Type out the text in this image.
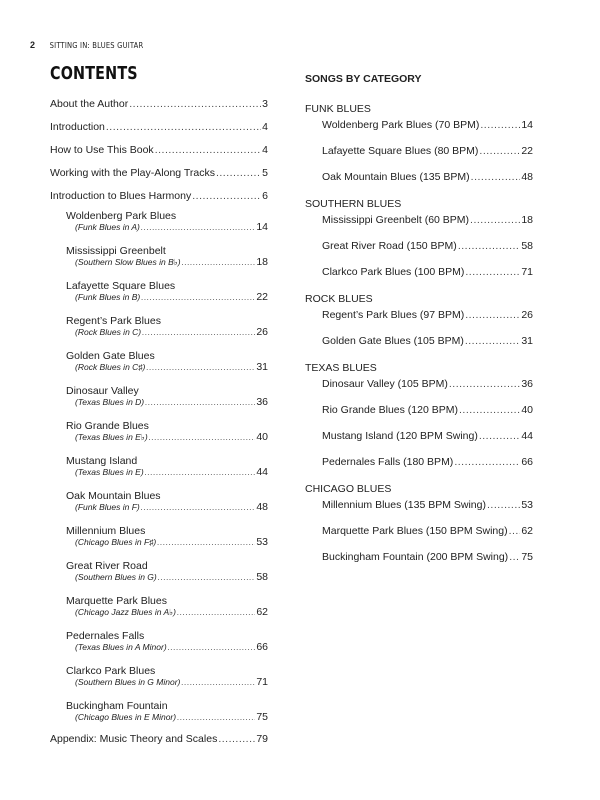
2 SITTING IN: BLUES GUITAR
CONTENTS
About the Author .....	3
Introduction .....	4
How to Use This Book .....	4
Working with the Play-Along Tracks .....	5
Introduction to Blues Harmony .....	6
Woldenberg Park Blues
(Funk Blues in A) .....	14
Mississippi Greenbelt
(Southern Slow Blues in B♭) .....	18
Lafayette Square Blues
(Funk Blues in B) .....	22
Regent’s Park Blues
(Rock Blues in C) .....	26
Golden Gate Blues
(Rock Blues in C♯) .....	31
Dinosaur Valley
(Texas Blues in D) .....	36
Rio Grande Blues
(Texas Blues in E♭) .....	40
Mustang Island
(Texas Blues in E) .....	44
Oak Mountain Blues
(Funk Blues in F) .....	48
Millennium Blues
(Chicago Blues in F♯) .....	53
Great River Road
(Southern Blues in G) .....	58
Marquette Park Blues
(Chicago Jazz Blues in A♭) .....	62
Pedernales Falls
(Texas Blues in A Minor) .....	66
Clarkco Park Blues
(Southern Blues in G Minor) .....	71
Buckingham Fountain
(Chicago Blues in E Minor) .....	75
Appendix: Music Theory and Scales .....	79
SONGS BY CATEGORY
FUNK BLUES
Woldenberg Park Blues (70 BPM) .....	14
Lafayette Square Blues (80 BPM) .....	22
Oak Mountain Blues (135 BPM) .....	48
SOUTHERN BLUES
Mississippi Greenbelt (60 BPM) .....	18
Great River Road (150 BPM) .....	58
Clarkco Park Blues (100 BPM) .....	71
ROCK BLUES
Regent’s Park Blues (97 BPM) .....	26
Golden Gate Blues (105 BPM) .....	31
TEXAS BLUES
Dinosaur Valley (105 BPM) .....	36
Rio Grande Blues (120 BPM) .....	40
Mustang Island (120 BPM Swing) .....	44
Pedernales Falls (180 BPM) .....	66
CHICAGO BLUES
Millennium Blues (135 BPM Swing) .....	53
Marquette Park Blues (150 BPM Swing) ..... 62
Buckingham Fountain (200 BPM Swing) ..... 75
